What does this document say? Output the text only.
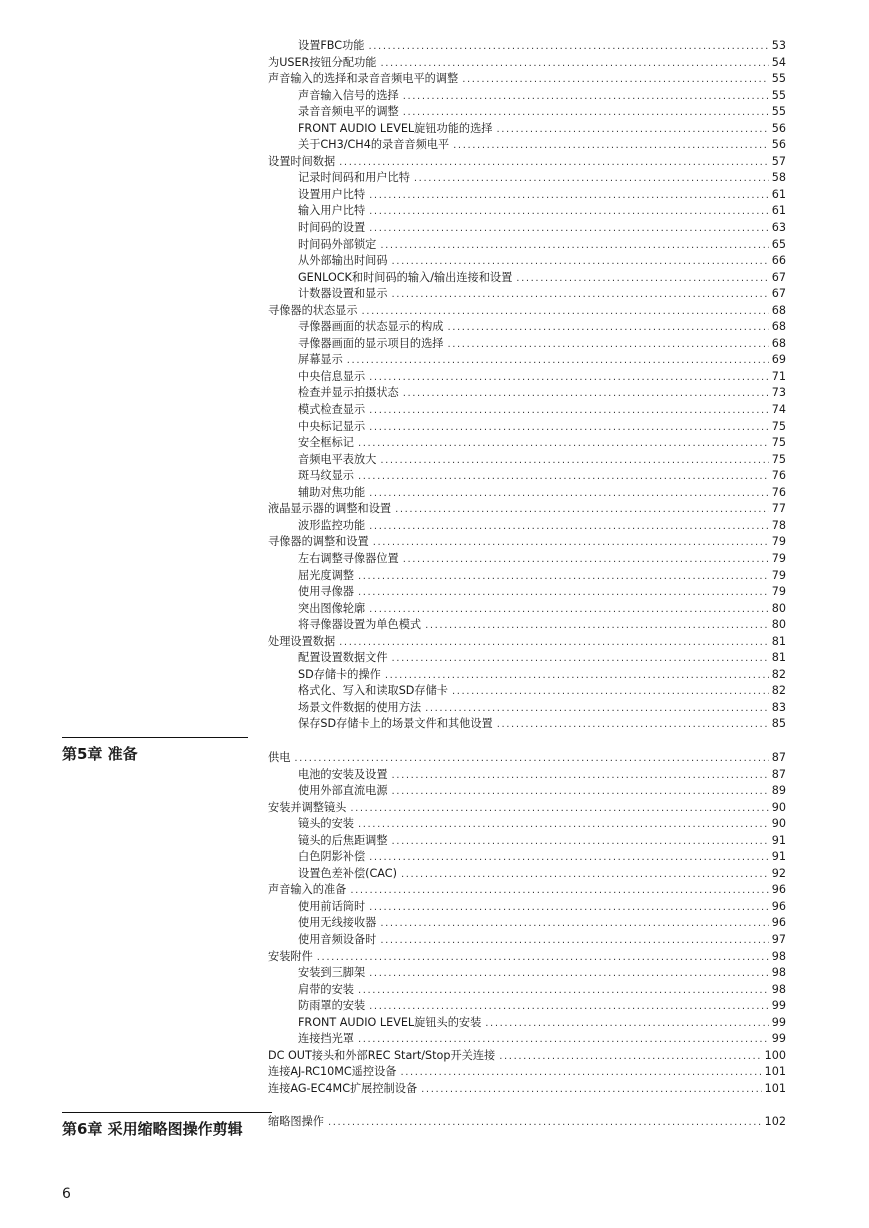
第5章 准备
第6章 采用缩略图操作剪辑
设置FBC功能 .....	53
为USER按钮分配功能 .....	54
声音输入的选择和录音音频电平的调整 .....	55
声音输入信号的选择 .....	55
录音音频电平的调整 .....	55
FRONT AUDIO LEVEL旋钮功能的选择 .....	56
关于CH3/CH4的录音音频电平 .....	56
设置时间数据 .....	57
记录时间码和用户比特 .....	58
设置用户比特 .....	61
输入用户比特 .....	61
时间码的设置 .....	63
时间码外部锁定 .....	65
从外部输出时间码 .....	66
GENLOCK和时间码的输入/输出连接和设置 .....	67
计数器设置和显示 .....	67
寻像器的状态显示 .....	68
寻像器画面的状态显示的构成 .....	68
寻像器画面的显示项目的选择 .....	68
屏幕显示 .....	69
中央信息显示 .....	71
检查并显示拍摄状态 .....	73
模式检查显示 .....	74
中央标记显示 .....	75
安全框标记 .....	75
音频电平表放大 .....	75
斑马纹显示 .....	76
辅助对焦功能 .....	76
液晶显示器的调整和设置 .....	77
波形监控功能 .....	78
寻像器的调整和设置 .....	79
左右调整寻像器位置 .....	79
屈光度调整 .....	79
使用寻像器 .....	79
突出图像轮廓 .....	80
将寻像器设置为单色模式 .....	80
处理设置数据 .....	81
配置设置数据文件 .....	81
SD存储卡的操作 .....	82
格式化、写入和读取SD存储卡 .....	82
场景文件数据的使用方法 .....	83
保存SD存储卡上的场景文件和其他设置 .....	85
供电 .....	87
电池的安装及设置 .....	87
使用外部直流电源 .....	89
安装并调整镜头 .....	90
镜头的安装 .....	90
镜头的后焦距调整 .....	91
白色阴影补偿 .....	91
设置色差补偿(CAC) .....	92
声音输入的准备 .....	96
使用前话筒时 .....	96
使用无线接收器 .....	96
使用音频设备时 .....	97
安装附件 .....	98
安装到三脚架 .....	98
肩带的安装 .....	98
防雨罩的安装 .....	99
FRONT AUDIO LEVEL旋钮头的安装 .....	99
连接挡光罩 .....	99
DC OUT接头和外部REC Start/Stop开关连接 .....	100
连接AJ-RC10MC遥控设备 .....	101
连接AG-EC4MC扩展控制设备 .....	101
缩略图操作 .....	102
6
